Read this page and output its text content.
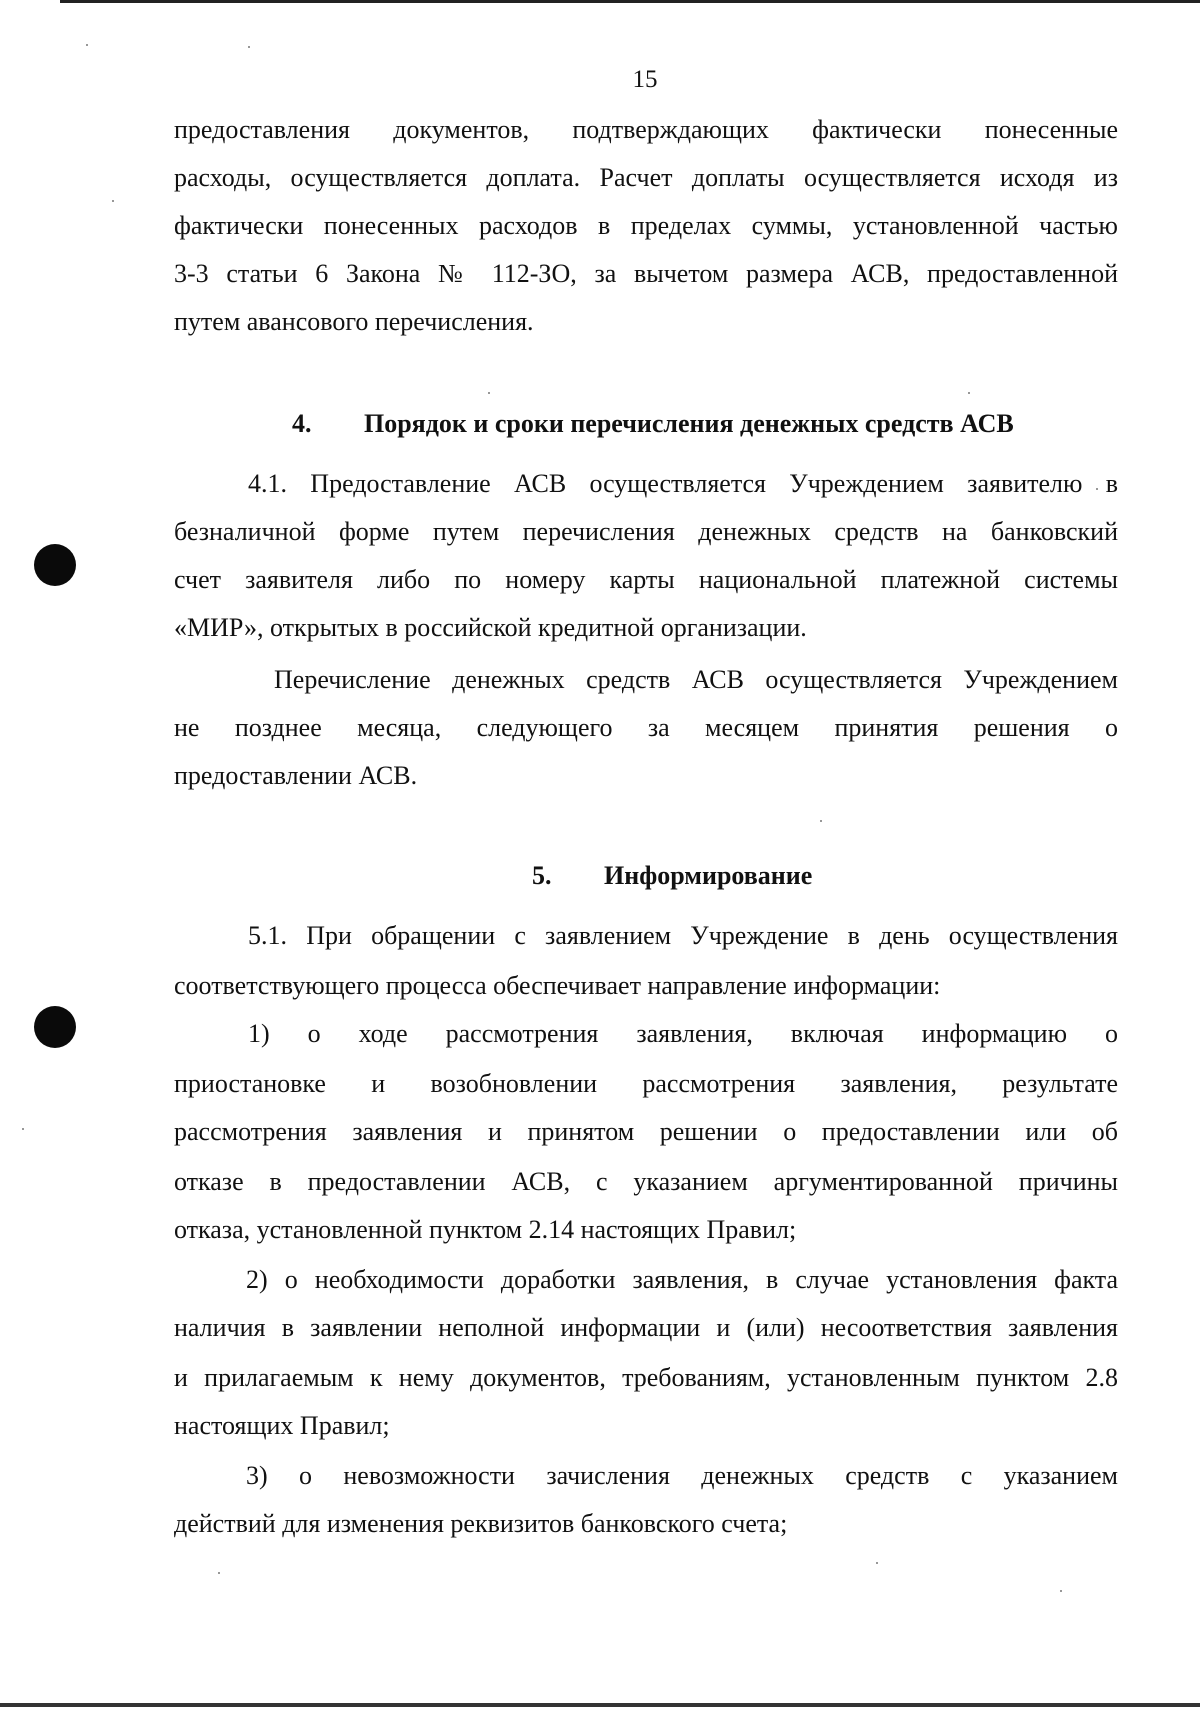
15
предоставления документов, подтверждающих фактически понесенные
расходы, осуществляется доплата. Расчет доплаты осуществляется исходя из
фактически понесенных расходов в пределах суммы, установленной частью
3-3 статьи 6 Закона № 112-ЗО, за вычетом размера АСВ, предоставленной
путем авансового перечисления.
4. Порядок и сроки перечисления денежных средств АСВ
4.1. Предоставление АСВ осуществляется Учреждением заявителю в
безналичной форме путем перечисления денежных средств на банковский
счет заявителя либо по номеру карты национальной платежной системы
«МИР», открытых в российской кредитной организации.
Перечисление денежных средств АСВ осуществляется Учреждением
не позднее месяца, следующего за месяцем принятия решения о
предоставлении АСВ.
5. Информирование
5.1. При обращении с заявлением Учреждение в день осуществления
соответствующего процесса обеспечивает направление информации:
1) о ходе рассмотрения заявления, включая информацию о
приостановке и возобновлении рассмотрения заявления, результате
рассмотрения заявления и принятом решении о предоставлении или об
отказе в предоставлении АСВ, с указанием аргументированной причины
отказа, установленной пунктом 2.14 настоящих Правил;
2) о необходимости доработки заявления, в случае установления факта
наличия в заявлении неполной информации и (или) несоответствия заявления
и прилагаемым к нему документов, требованиям, установленным пунктом 2.8
настоящих Правил;
3) о невозможности зачисления денежных средств с указанием
действий для изменения реквизитов банковского счета;
